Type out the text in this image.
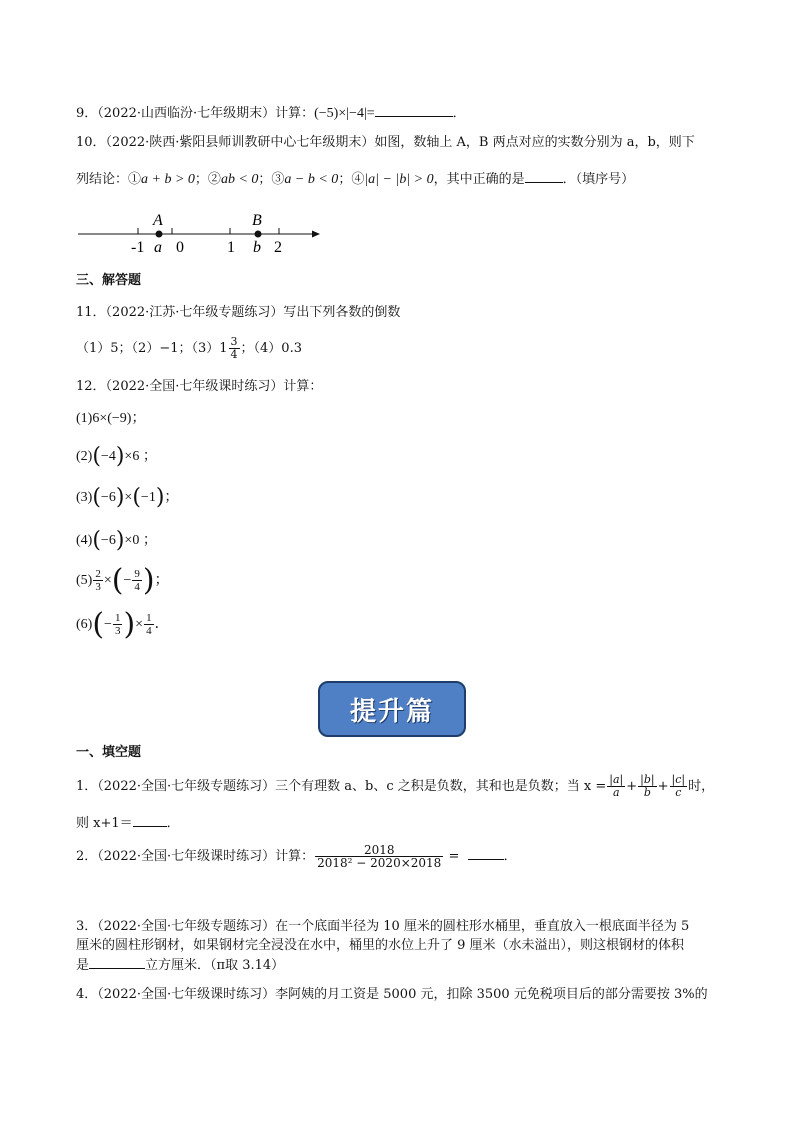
9．（2022·山西临汾·七年级期末）计算：(−5)×|−4|=	．
10．（2022·陕西·紫阳县师训教研中心七年级期末）如图，数轴上 A，B 两点对应的实数分别为 a，b，则下
列结论：①a + b > 0；②ab < 0；③a − b < 0；④|a| − |b| > 0，其中正确的是	．（填序号）
A	B
-1 a 0	1 b 2
三、解答题
11．（2022·江苏·七年级专题练习）写出下列各数的倒数
（1）5；（2）−1；$(3)1 \frac{3}{4}$ ；（4）0.3
12．（2022·全国·七年级课时练习）计算：
(1)6×(−9)；
(2)(−4)×6 ；
(3)(−6)×(−1)；
(4)(−6)×0 ；
$(5) \frac{2}{3}$ ×(− $\frac{9}{4}$ )；
$(6)(- \frac{1}{3}$ )× $\frac{1}{4}$ ．
提升篇
一、填空题
1．（2022·全国·七年级专题练习）三个有理数 a、b、c 之积是负数，其和也是负数；当 $x = \frac{|a|}{a} + \frac{|b|}{b} + \frac{|c|}{c}$ 时，
则 x+1＝	．
2．（2022·全国·七年级课时练习）计算： $\frac{2018}{\text{2018² − 2020×2018}}$ =	．
3．（2022·全国·七年级专题练习）在一个底面半径为 10 厘米的圆柱形水桶里，垂直放入一根底面半径为 5
厘米的圆柱形钢材，如果钢材完全浸没在水中，桶里的水位上升了 9 厘米（水未溢出），则这根钢材的体积
4．（2022·全国·七年级课时练习）李阿姨的月工资是 5000 元，扣除 3500 元免税项目后的部分需要按 3%的
是	立方厘米．（π取 3.14）
